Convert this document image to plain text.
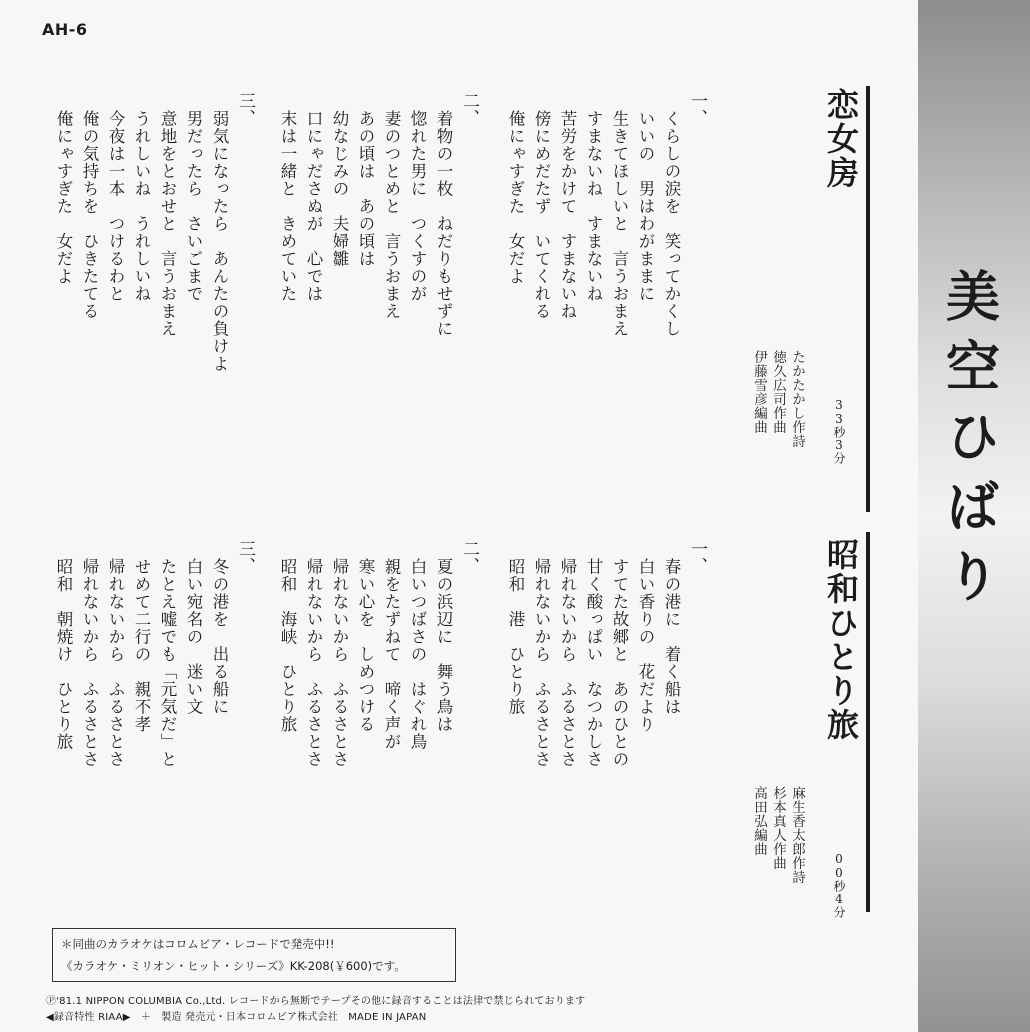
AH-6
美空ひばり
恋女房
3分
33秒
たかたかし作詩
徳久広司作曲
伊藤雪彦編曲
一、
くらしの涙を　笑ってかくし
いいの　男はわがままに
生きてほしいと　言うおまえ
すまないね　すまないね
苦労をかけて　すまないね
傍にめだたず　いてくれる
俺にゃすぎた　女だよ
二、
着物の一枚　ねだりもせずに
惚れた男に　つくすのが
妻のつとめと　言うおまえ
あの頃は　あの頃は
幼なじみの　夫婦雛
口にゃださぬが　心では
末は一緒と　きめていた
三、
弱気になったら　あんたの負けよ
男だったら　さいごまで
意地をとおせと　言うおまえ
うれしいね　うれしいね
今夜は一本　つけるわと
俺の気持ちを　ひきたてる
俺にゃすぎた　女だよ
昭和ひとり旅
4分
00秒
麻生香太郎作詩
杉本真人作曲
高田弘編曲
一、
春の港に　着く船は
白い香りの　花だより
すてた故郷と　あのひとの
甘く酸っぱい　なつかしさ
帰れないから　ふるさとさ
帰れないから　ふるさとさ
昭和　港　ひとり旅
二、
夏の浜辺に　舞う鳥は
白いつばさの　はぐれ鳥
親をたずねて　啼く声が
寒い心を　しめつける
帰れないから　ふるさとさ
帰れないから　ふるさとさ
昭和　海峡　ひとり旅
三、
冬の港を　出る船に
白い宛名の　迷い文
たとえ嘘でも「元気だ」と
せめて二行の　親不孝
帰れないから　ふるさとさ
帰れないから　ふるさとさ
昭和　朝焼け　ひとり旅
＊同曲のカラオケはコロムビア・レコードで発売中!!
《カラオケ・ミリオン・ヒット・シリーズ》KK-208(￥600)です。
Ⓟ'81.1 NIPPON COLUMBIA Co.,Ltd. レコードから無断でテープその他に録音することは法律で禁じられております
◀録音特性 RIAA▶　＋　製造 発売元・日本コロムビア株式会社　MADE IN JAPAN
